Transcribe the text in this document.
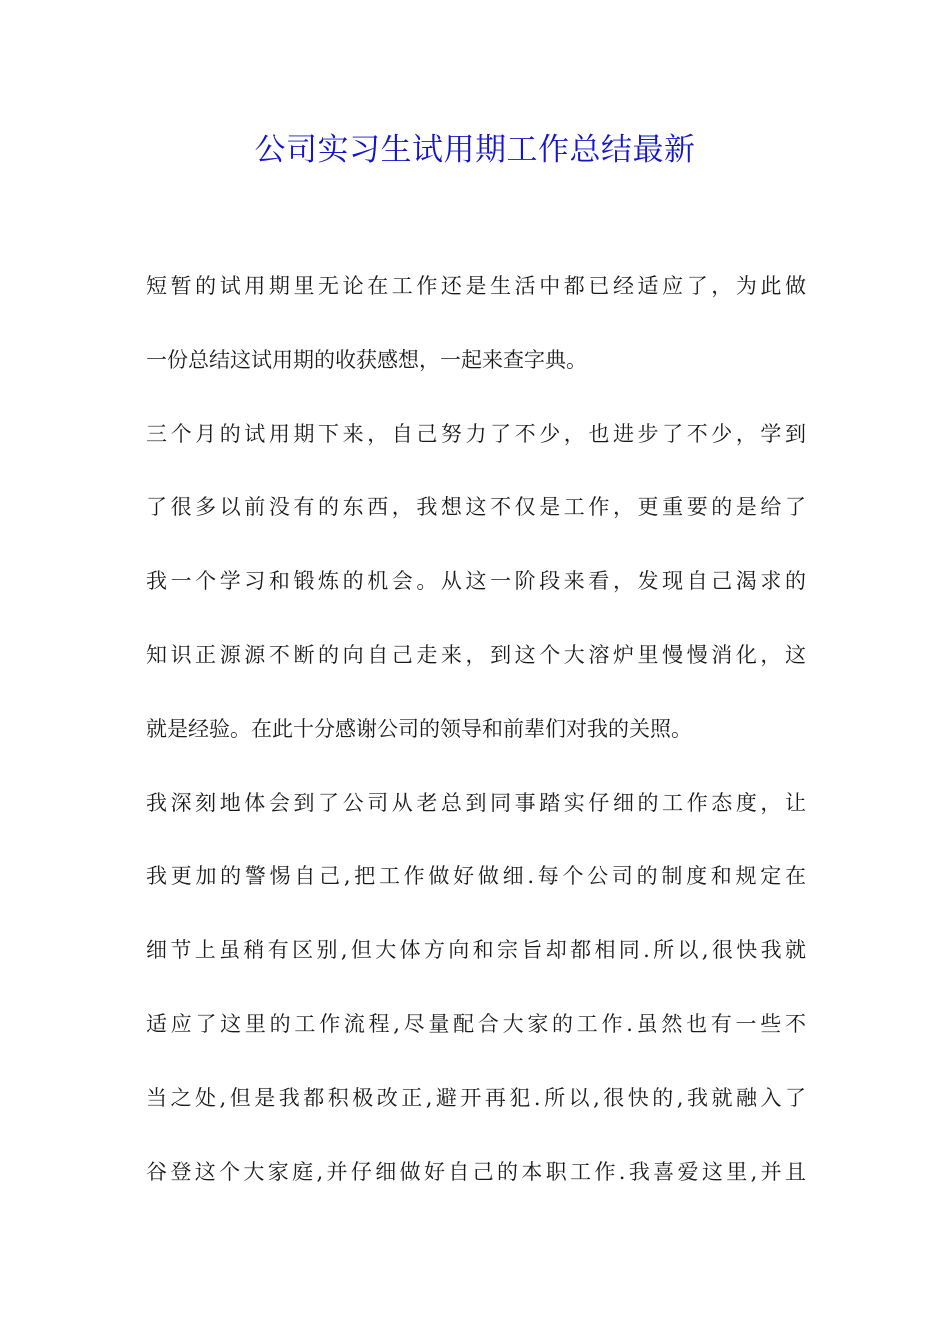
公司实习生试用期工作总结最新
短暂的试用期里无论在工作还是生活中都已经适应了，为此做
一份总结这试用期的收获感想，一起来查字典。
三个月的试用期下来，自己努力了不少，也进步了不少，学到
了很多以前没有的东西，我想这不仅是工作，更重要的是给了
我一个学习和锻炼的机会。从这一阶段来看，发现自己渴求的
知识正源源不断的向自己走来，到这个大溶炉里慢慢消化，这
就是经验。在此十分感谢公司的领导和前辈们对我的关照。
我深刻地体会到了公司从老总到同事踏实仔细的工作态度，让
我更加的警惕自己,把工作做好做细.每个公司的制度和规定在
细节上虽稍有区别,但大体方向和宗旨却都相同.所以,很快我就
适应了这里的工作流程,尽量配合大家的工作.虽然也有一些不
当之处,但是我都积极改正,避开再犯.所以,很快的,我就融入了
谷登这个大家庭,并仔细做好自己的本职工作.我喜爱这里,并且
